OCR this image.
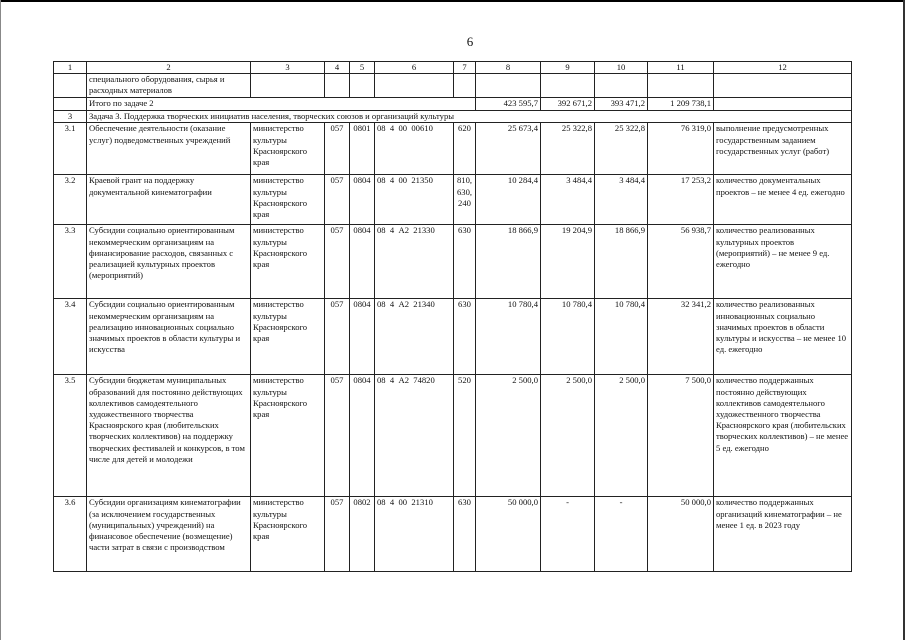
6
1	2	3	4	5	6	7	8	9	10	11	12
	специального оборудования, сырья и расходных материалов										
	Итого по задаче 2						423 595,7	392 671,2	393 471,2	1 209 738,1	
3	Задача 3. Поддержка творческих инициатив населения, творческих союзов и организаций культуры										
3.1	Обеспечение деятельности (оказание услуг) подведомственных учреждений	министерство культуры Красноярского края	057	0801	08  4  00  00610	620	25 673,4	25 322,8	25 322,8	76 319,0	выполнение предусмотренных государственным заданием государственных услуг (работ)
3.2	Краевой грант на поддержку документальной кинематографии	министерство культуры Красноярского края	057	0804	08  4  00  21350	810, 630, 240	10 284,4	3 484,4	3 484,4	17 253,2	количество документальных проектов – не менее 4 ед. ежегодно
3.3	Субсидии социально ориентированным некоммерческим организациям на финансирование расходов, связанных с реализацией культурных проектов (мероприятий)	министерство культуры Красноярского края	057	0804	08  4  А2  21330	630	18 866,9	19 204,9	18 866,9	56 938,7	количество реализованных культурных проектов (мероприятий) – не менее 9 ед. ежегодно
3.4	Субсидии социально ориентированным некоммерческим организациям на реализацию инновационных социально значимых проектов в области культуры и искусства	министерство культуры Красноярского края	057	0804	08  4  А2  21340	630	10 780,4	10 780,4	10 780,4	32 341,2	количество реализованных инновационных социально значимых проектов в области культуры и искусства – не менее 10 ед. ежегодно
3.5	Субсидии бюджетам муниципальных образований для постоянно действующих коллективов самодеятельного художественного творчества Красноярского края (любительских творческих коллективов) на поддержку творческих фестивалей и конкурсов, в том числе для детей и молодежи	министерство культуры Красноярского края	057	0804	08  4  А2  74820	520	2 500,0	2 500,0	2 500,0	7 500,0	количество поддержанных постоянно действующих коллективов самодеятельного художественного творчества Красноярского края (любительских творческих коллективов) – не менее 5 ед. ежегодно
3.6	Субсидии организациям кинематографии (за исключением государственных (муниципальных) учреждений) на финансовое обеспечение (возмещение) части затрат в связи с производством	министерство культуры Красноярского края	057	0802	08  4  00  21310	630	50 000,0	-	-	50 000,0	количество поддержанных организаций кинематографии – не менее 1 ед. в 2023 году
